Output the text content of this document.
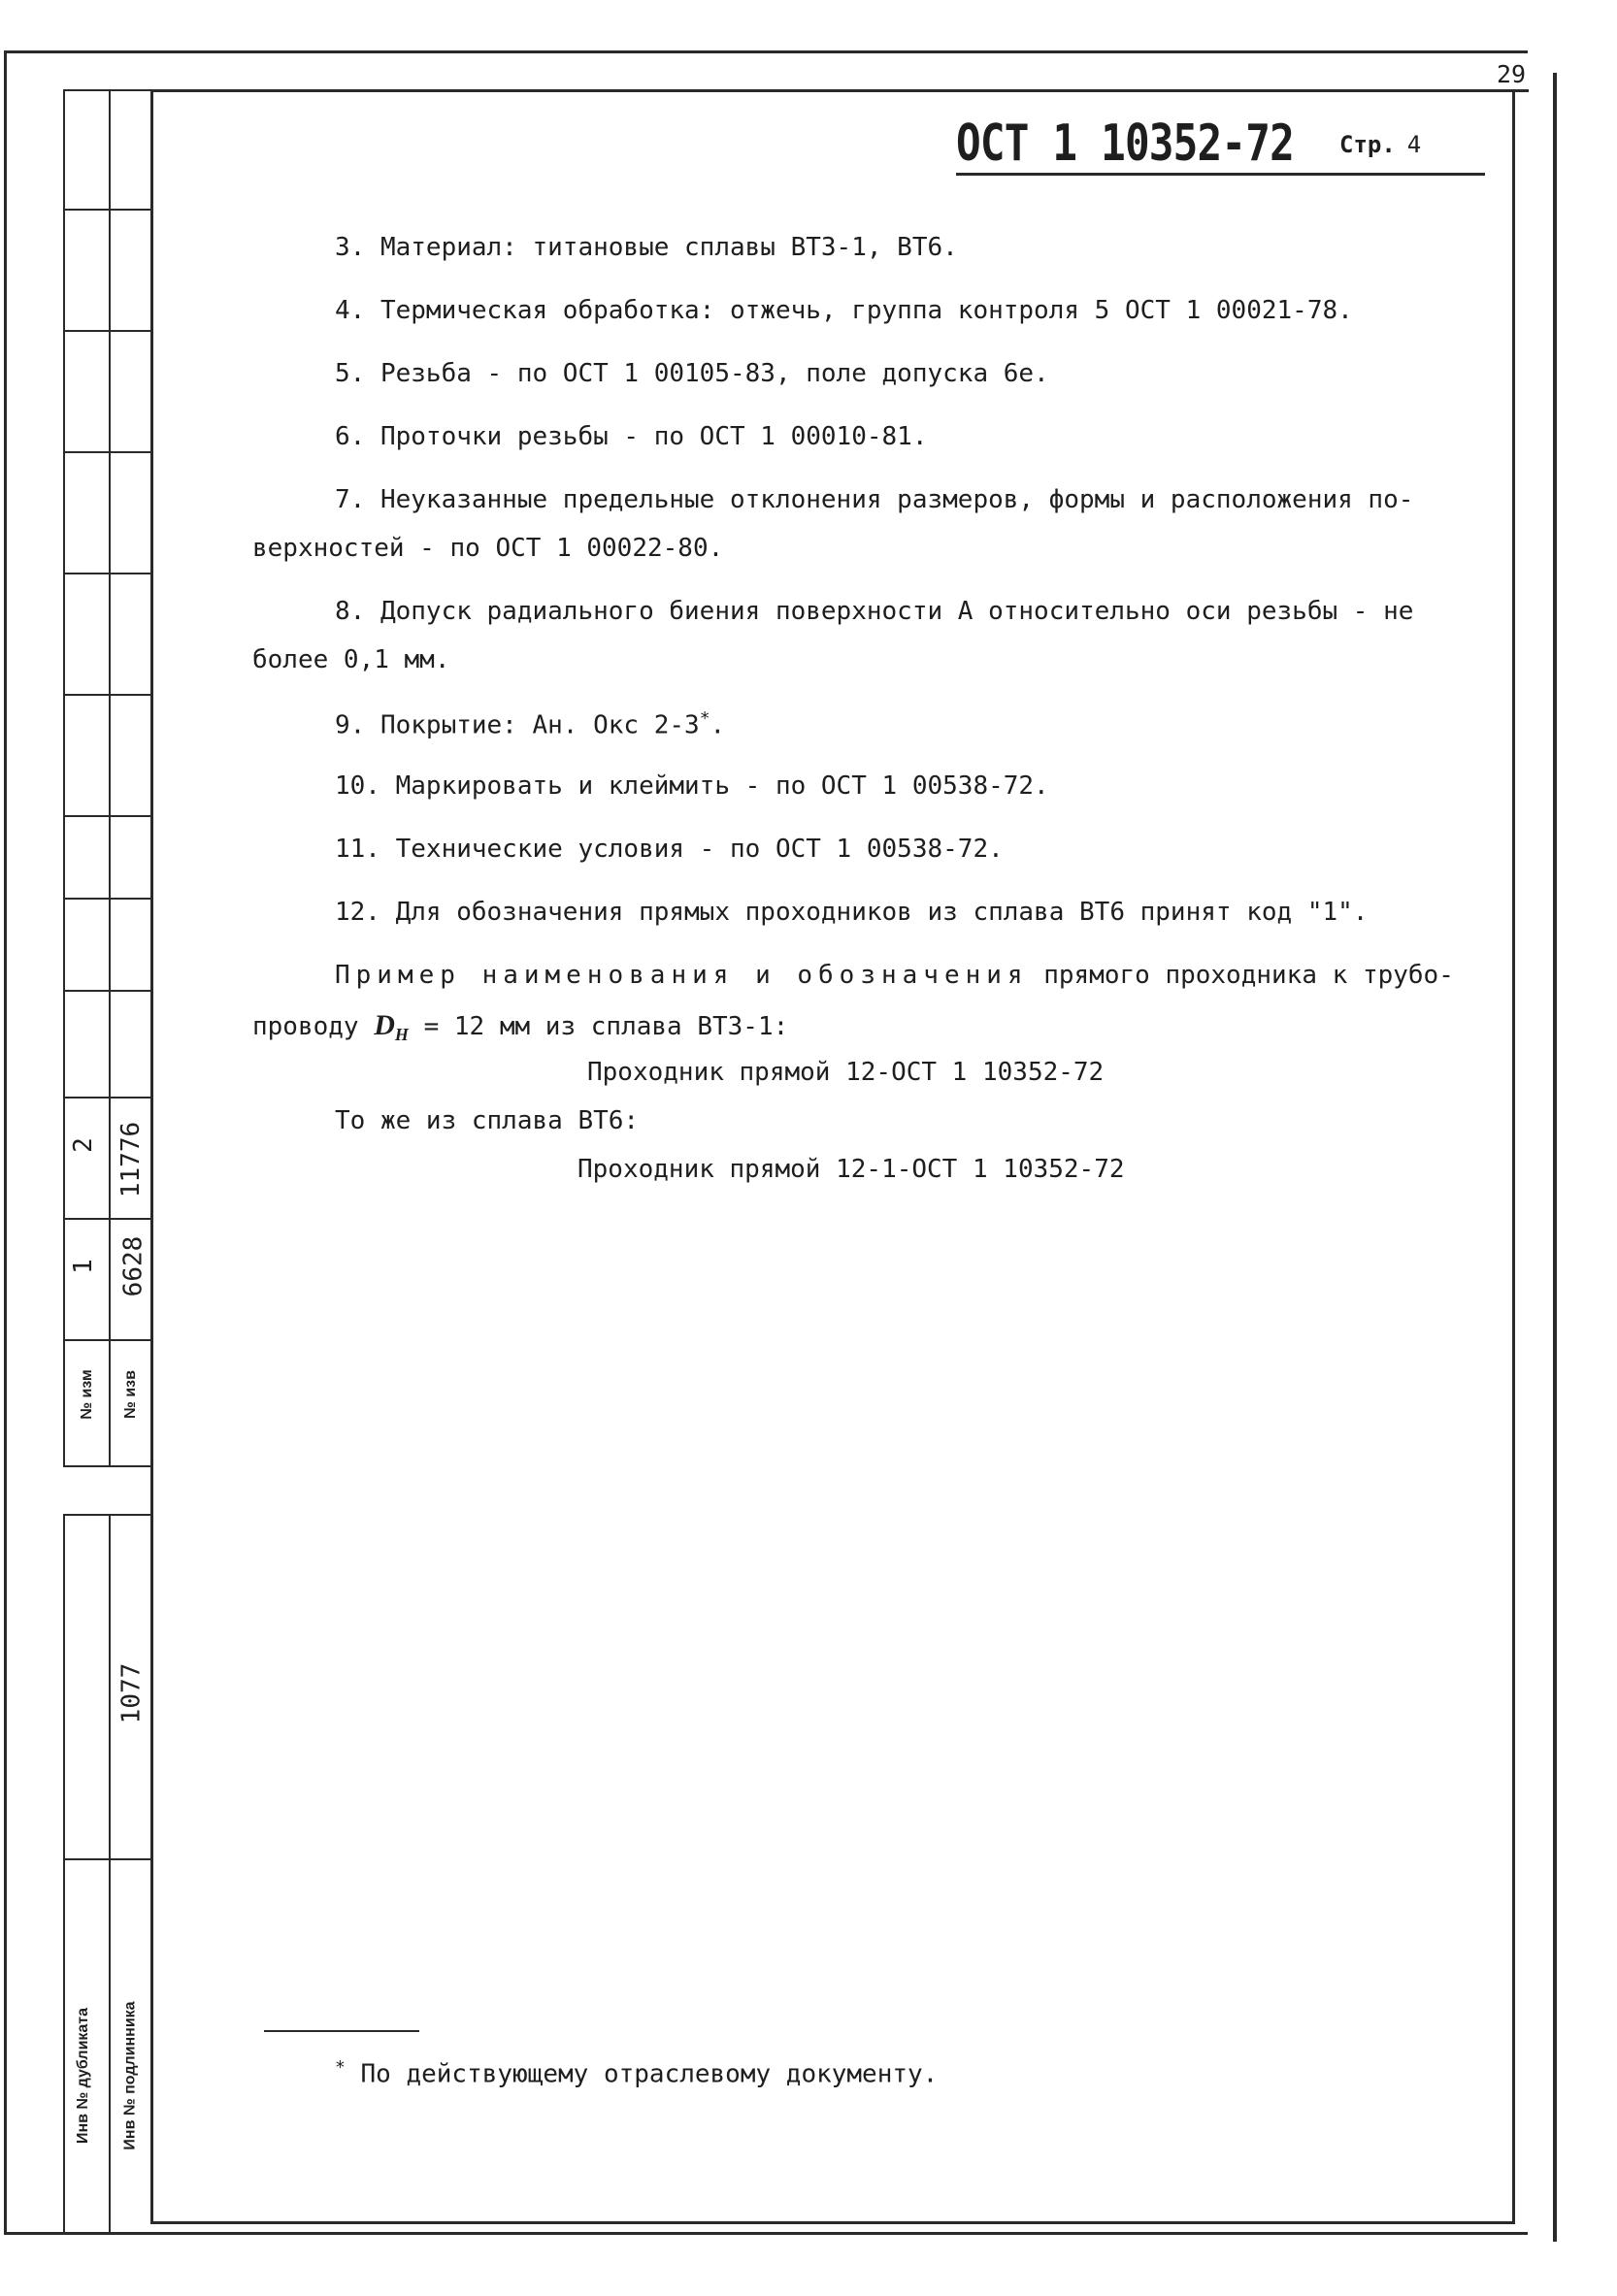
2 11776
1 6628
№ изм № изв
1077
Инв № дубликата Инв № подлинника
29
ОСТ 1 10352-72 Стр. 4
3. Материал: титановые сплавы ВТ3-1, ВТ6.
4. Термическая обработка: отжечь, группа контроля 5 ОСТ 1 00021-78.
5. Резьба - по ОСТ 1 00105-83, поле допуска 6е.
6. Проточки резьбы - по ОСТ 1 00010-81.
7. Неуказанные предельные отклонения размеров, формы и расположения по-
верхностей - по ОСТ 1 00022-80.
8. Допуск радиального биения поверхности А относительно оси резьбы - не
более 0,1 мм.
9. Покрытие: Ан. Окс 2-3*.
10. Маркировать и клеймить - по ОСТ 1 00538-72.
11. Технические условия - по ОСТ 1 00538-72.
12. Для обозначения прямых проходников из сплава ВТ6 принят код "1".
Пример наименования и обозначения прямого проходника к трубо-
проводу $D_H = 12$ мм из сплава ВТ3-1:
Проходник прямой 12-ОСТ 1 10352-72
То же из сплава ВТ6:
Проходник прямой 12-1-ОСТ 1 10352-72
* По действующему отраслевому документу.
